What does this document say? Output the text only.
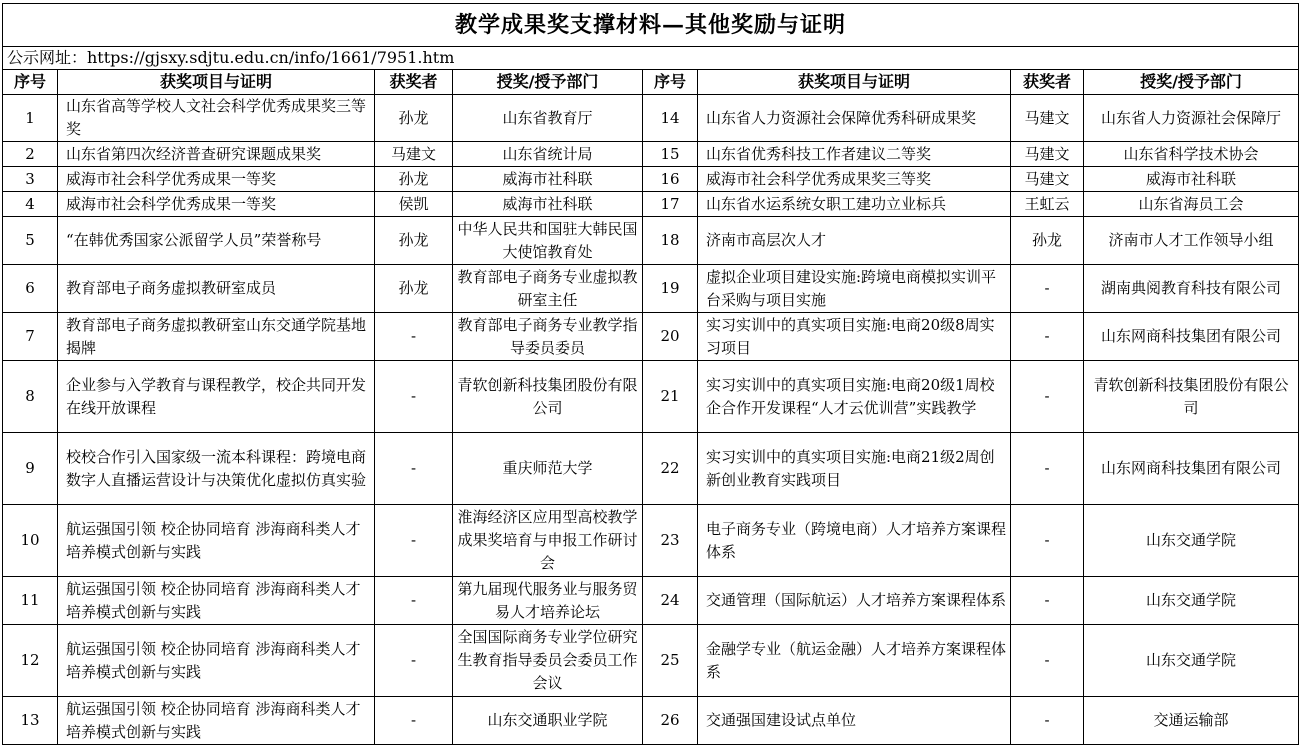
教学成果奖支撑材料—其他奖励与证明							
公示网址：https://gjsxy.sdjtu.edu.cn/info/1661/7951.htm							
序号	获奖项目与证明	获奖者	授奖/授予部门	序号	获奖项目与证明	获奖者	授奖/授予部门
1	山东省高等学校人文社会科学优秀成果奖三等奖	孙龙	山东省教育厅	14	山东省人力资源社会保障优秀科研成果奖	马建文	山东省人力资源社会保障厅
2	山东省第四次经济普查研究课题成果奖	马建文	山东省统计局	15	山东省优秀科技工作者建议二等奖	马建文	山东省科学技术协会
3	威海市社会科学优秀成果一等奖	孙龙	威海市社科联	16	威海市社会科学优秀成果奖三等奖	马建文	威海市社科联
4	威海市社会科学优秀成果一等奖	侯凯	威海市社科联	17	山东省水运系统女职工建功立业标兵	王虹云	山东省海员工会
5	“在韩优秀国家公派留学人员”荣誉称号	孙龙	中华人民共和国驻大韩民国大使馆教育处	18	济南市高层次人才	孙龙	济南市人才工作领导小组
6	教育部电子商务虚拟教研室成员	孙龙	教育部电子商务专业虚拟教研室主任	19	虚拟企业项目建设实施:跨境电商模拟实训平台采购与项目实施	-	湖南典阅教育科技有限公司
7	教育部电子商务虚拟教研室山东交通学院基地揭牌	-	教育部电子商务专业教学指导委员委员	20	实习实训中的真实项目实施:电商20级8周实习项目	-	山东网商科技集团有限公司
8	企业参与入学教育与课程教学，校企共同开发在线开放课程	-	青软创新科技集团股份有限公司	21	实习实训中的真实项目实施:电商20级1周校企合作开发课程“人才云优训营”实践教学	-	青软创新科技集团股份有限公司
9	校校合作引入国家级一流本科课程：跨境电商数字人直播运营设计与决策优化虚拟仿真实验	-	重庆师范大学	22	实习实训中的真实项目实施:电商21级2周创新创业教育实践项目	-	山东网商科技集团有限公司
10	航运强国引领 校企协同培育 涉海商科类人才培养模式创新与实践	-	淮海经济区应用型高校教学成果奖培育与申报工作研讨会	23	电子商务专业（跨境电商）人才培养方案课程体系	-	山东交通学院
11	航运强国引领 校企协同培育 涉海商科类人才培养模式创新与实践	-	第九届现代服务业与服务贸易人才培养论坛	24	交通管理（国际航运）人才培养方案课程体系	-	山东交通学院
12	航运强国引领 校企协同培育 涉海商科类人才培养模式创新与实践	-	全国国际商务专业学位研究生教育指导委员会委员工作会议	25	金融学专业（航运金融）人才培养方案课程体系	-	山东交通学院
13	航运强国引领 校企协同培育 涉海商科类人才培养模式创新与实践	-	山东交通职业学院	26	交通强国建设试点单位	-	交通运输部
